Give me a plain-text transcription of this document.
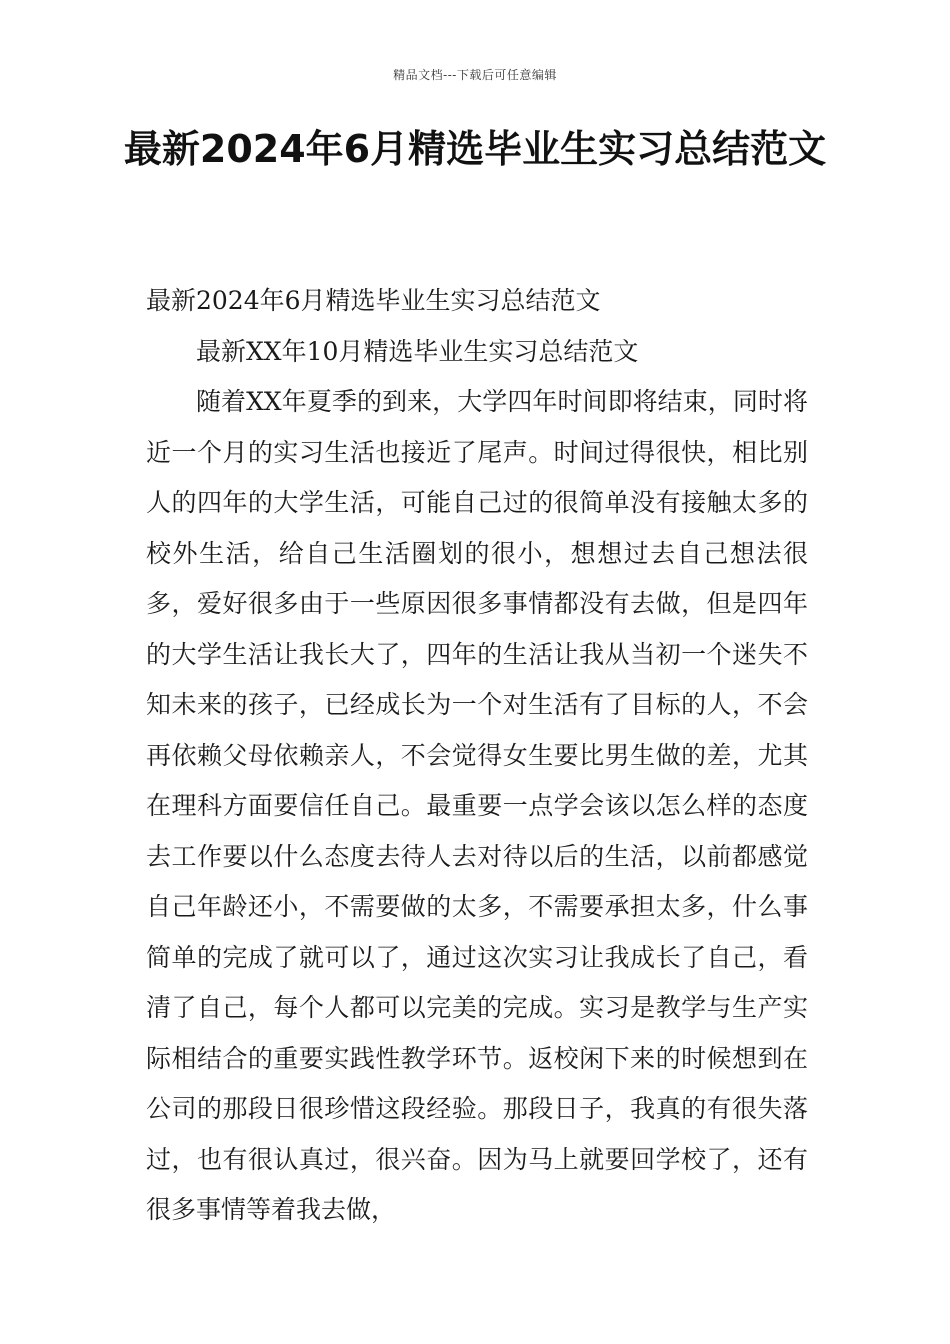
精品文档---下载后可任意编辑
最新2024年6月精选毕业生实习总结范文

最新2024年6月精选毕业生实习总结范文

最新XX年10月精选毕业生实习总结范文

随着XX年夏季的到来，大学四年时间即将结束，同时将近一个月的实习生活也接近了尾声。时间过得很快，相比别人的四年的大学生活，可能自己过的很简单没有接触太多的校外生活，给自己生活圈划的很小，想想过去自己想法很多，爱好很多由于一些原因很多事情都没有去做，但是四年的大学生活让我长大了，四年的生活让我从当初一个迷失不知未来的孩子，已经成长为一个对生活有了目标的人，不会再依赖父母依赖亲人，不会觉得女生要比男生做的差，尤其在理科方面要信任自己。最重要一点学会该以怎么样的态度去工作要以什么态度去待人去对待以后的生活，以前都感觉自己年龄还小，不需要做的太多，不需要承担太多，什么事简单的完成了就可以了，通过这次实习让我成长了自己，看清了自己，每个人都可以完美的完成。实习是教学与生产实际相结合的重要实践性教学环节。返校闲下来的时候想到在公司的那段日很珍惜这段经验。那段日子，我真的有很失落过，也有很认真过，很兴奋。因为马上就要回学校了，还有很多事情等着我去做，
